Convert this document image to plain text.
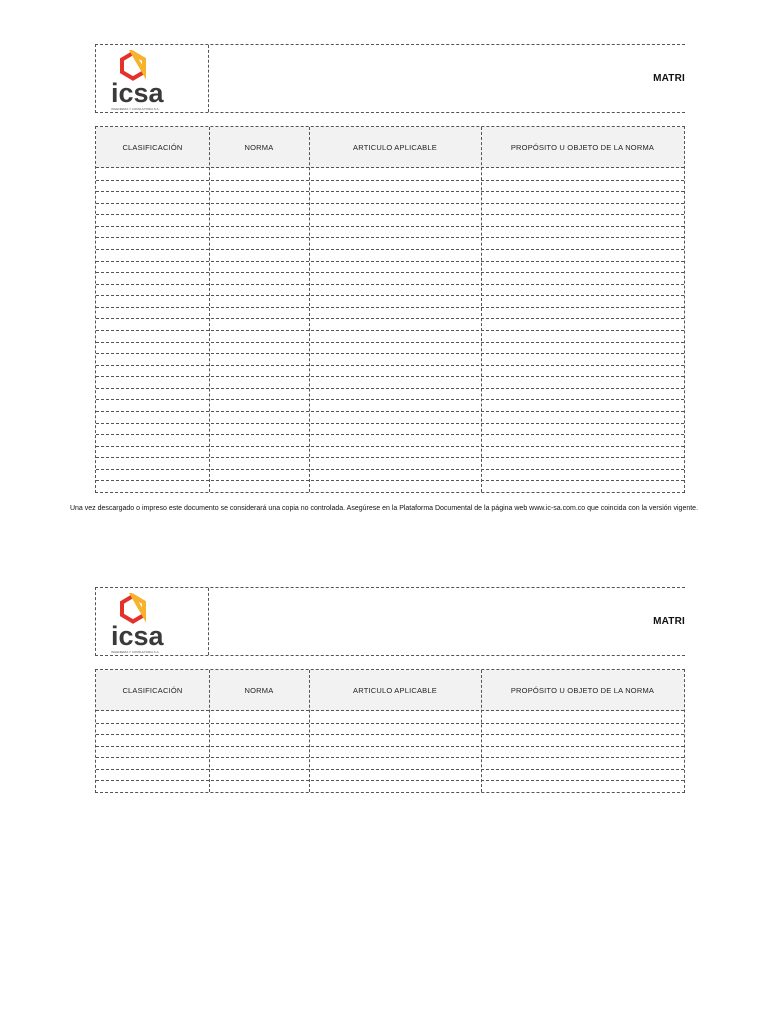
icsa
INGENIERIA Y CONSULTORIA S.A.
MATRI
CLASIFICACIÓN	NORMA	ARTICULO APLICABLE	PROPÓSITO U OBJETO DE LA NORMA
Una vez descargado o impreso este documento se considerará una copia no controlada. Asegúrese en la Plataforma Documental de la página web www.ic-sa.com.co que coincida con la versión vigente.
icsa
INGENIERIA Y CONSULTORIA S.A.
MATRI
CLASIFICACIÓN	NORMA	ARTICULO APLICABLE	PROPÓSITO U OBJETO DE LA NORMA
